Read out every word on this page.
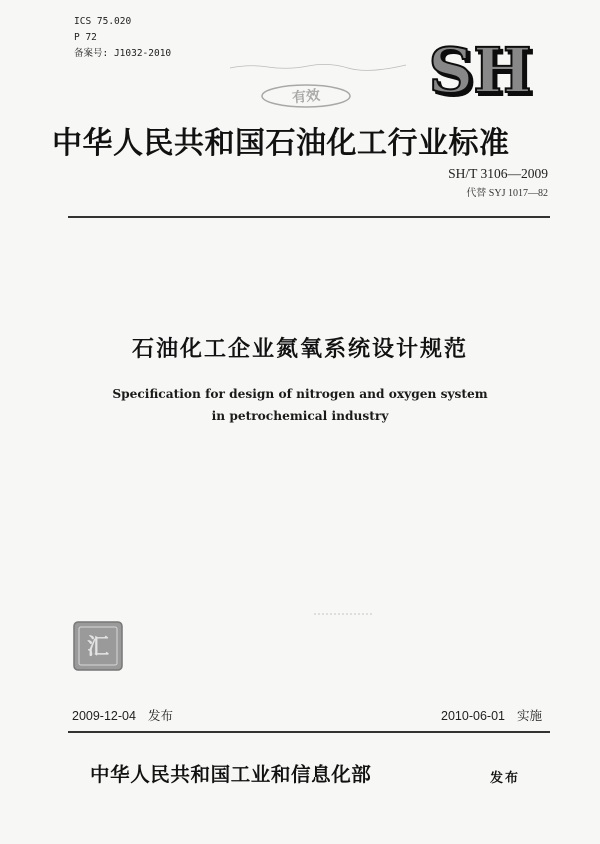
ICS 75.020
P 72
备案号: J1032-2010
有效 SH
中华人民共和国石油化工行业标准
SH/T 3106—2009
代替 SYJ 1017—82
石油化工企业氮氧系统设计规范
Specification for design of nitrogen and oxygen system
in petrochemical industry
汇
2009-12-04 发布	2010-06-01 实施
中华人民共和国工业和信息化部	发布
